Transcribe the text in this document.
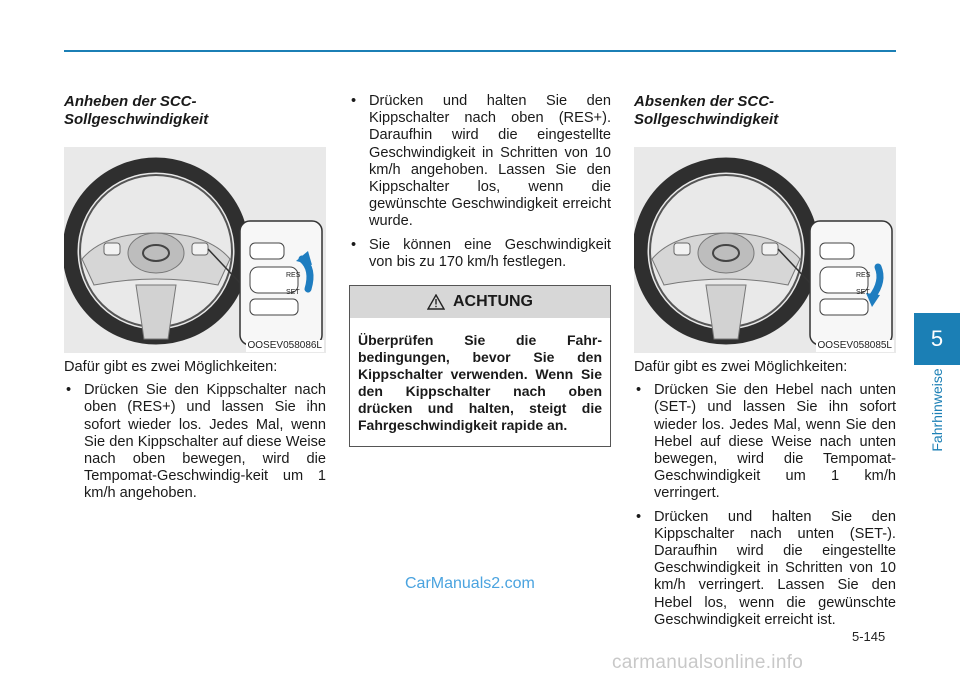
Anheben der SCC-
Sollgeschwindigkeit
RES
SET
OOSEV058086L

Dafür gibt es zwei Möglichkeiten:

• Drücken Sie den Kippschalter nach oben (RES+) und lassen Sie ihn sofort wieder los. Jedes Mal, wenn Sie den Kippschalter auf diese Weise nach oben bewegen, wird die Tempomat-Geschwindig-keit um 1 km/h angehoben.
• Drücken und halten Sie den Kippschalter nach oben (RES+). Daraufhin wird die eingestellte Geschwindigkeit in Schritten von 10 km/h angehoben. Lassen Sie den Kippschalter los, wenn die gewünschte Geschwindigkeit erreicht wurde.
• Sie können eine Geschwindigkeit von bis zu 170 km/h festlegen.
ACHTUNG
Überprüfen Sie die Fahr-bedingungen, bevor Sie den Kippschalter verwenden. Wenn Sie den Kippschalter nach oben drücken und halten, steigt die Fahrgeschwindigkeit rapide an.
Absenken der SCC-
Sollgeschwindigkeit
RES
SET
OOSEV058085L

Dafür gibt es zwei Möglichkeiten:

• Drücken Sie den Hebel nach unten (SET-) und lassen Sie ihn sofort wieder los. Jedes Mal, wenn Sie den Hebel auf diese Weise nach unten bewegen, wird die Tempomat-Geschwindigkeit um 1 km/h verringert.
• Drücken und halten Sie den Kippschalter nach unten (SET-). Daraufhin wird die eingestellte Geschwindigkeit in Schritten von 10 km/h verringert. Lassen Sie den Hebel los, wenn die gewünschte Geschwindigkeit erreicht ist.
5
Fahrhinweise
5-145
CarManuals2.com
carmanualsonline.info
